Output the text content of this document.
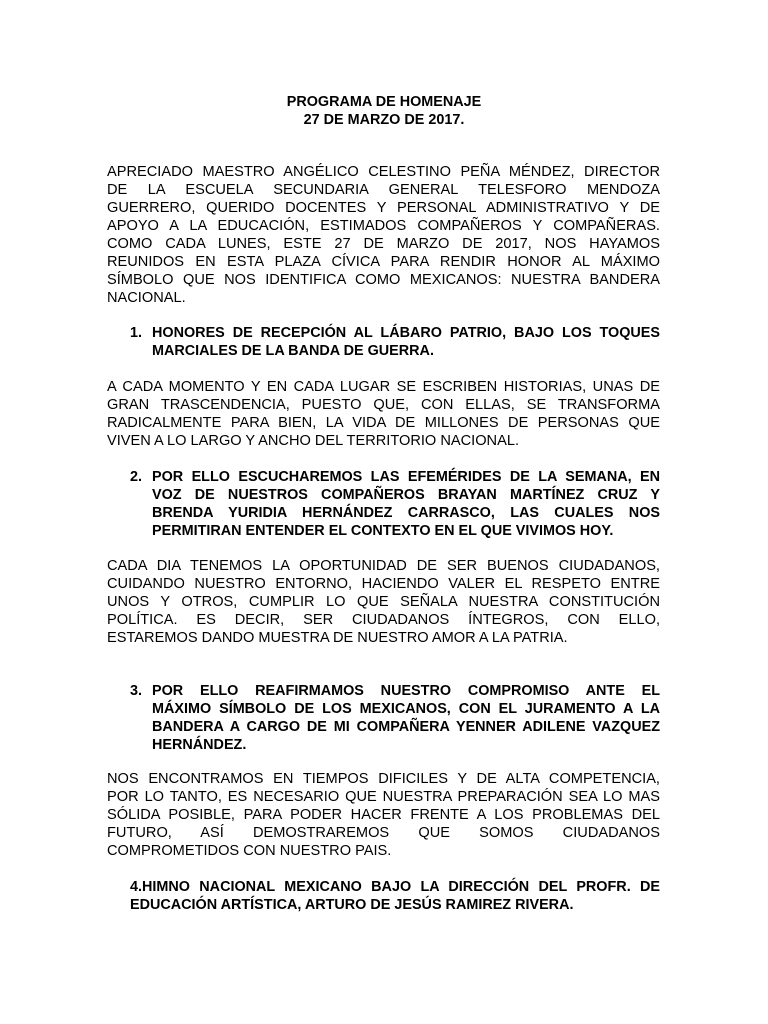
PROGRAMA DE HOMENAJE
27 DE MARZO DE 2017.
APRECIADO MAESTRO ANGÉLICO CELESTINO PEÑA MÉNDEZ, DIRECTOR
DE LA ESCUELA SECUNDARIA GENERAL TELESFORO MENDOZA
GUERRERO, QUERIDO DOCENTES Y PERSONAL ADMINISTRATIVO Y DE
APOYO A LA EDUCACIÓN, ESTIMADOS COMPAÑEROS Y COMPAÑERAS.
COMO CADA LUNES, ESTE 27 DE MARZO DE 2017, NOS HAYAMOS
REUNIDOS EN ESTA PLAZA CÍVICA PARA RENDIR HONOR AL MÁXIMO
SÍMBOLO QUE NOS IDENTIFICA COMO MEXICANOS: NUESTRA BANDERA
NACIONAL.
1. HONORES DE RECEPCIÓN AL LÁBARO PATRIO, BAJO LOS TOQUES
MARCIALES DE LA BANDA DE GUERRA.
A CADA MOMENTO Y EN CADA LUGAR SE ESCRIBEN HISTORIAS, UNAS DE
GRAN TRASCENDENCIA, PUESTO QUE, CON ELLAS, SE TRANSFORMA
RADICALMENTE PARA BIEN, LA VIDA DE MILLONES DE PERSONAS QUE
VIVEN A LO LARGO Y ANCHO DEL TERRITORIO NACIONAL.
2. POR ELLO ESCUCHAREMOS LAS EFEMÉRIDES DE LA SEMANA, EN
VOZ DE NUESTROS COMPAÑEROS BRAYAN MARTÍNEZ CRUZ Y
BRENDA YURIDIA HERNÁNDEZ CARRASCO, LAS CUALES NOS
PERMITIRAN ENTENDER EL CONTEXTO EN EL QUE VIVIMOS HOY.
CADA DIA TENEMOS LA OPORTUNIDAD DE SER BUENOS CIUDADANOS,
CUIDANDO NUESTRO ENTORNO, HACIENDO VALER EL RESPETO ENTRE
UNOS Y OTROS, CUMPLIR LO QUE SEÑALA NUESTRA CONSTITUCIÓN
POLÍTICA. ES DECIR, SER CIUDADANOS ÍNTEGROS, CON ELLO,
ESTAREMOS DANDO MUESTRA DE NUESTRO AMOR A LA PATRIA.
3. POR ELLO REAFIRMAMOS NUESTRO COMPROMISO ANTE EL
MÁXIMO SÍMBOLO DE LOS MEXICANOS, CON EL JURAMENTO A LA
BANDERA A CARGO DE MI COMPAÑERA YENNER ADILENE VAZQUEZ
HERNÁNDEZ.
NOS ENCONTRAMOS EN TIEMPOS DIFICILES Y DE ALTA COMPETENCIA,
POR LO TANTO, ES NECESARIO QUE NUESTRA PREPARACIÓN SEA LO MAS
SÓLIDA POSIBLE, PARA PODER HACER FRENTE A LOS PROBLEMAS DEL
FUTURO, ASÍ DEMOSTRAREMOS QUE SOMOS CIUDADANOS
COMPROMETIDOS CON NUESTRO PAIS.
4.HIMNO NACIONAL MEXICANO BAJO LA DIRECCIÓN DEL PROFR. DE
EDUCACIÓN ARTÍSTICA, ARTURO DE JESÚS RAMIREZ RIVERA.
